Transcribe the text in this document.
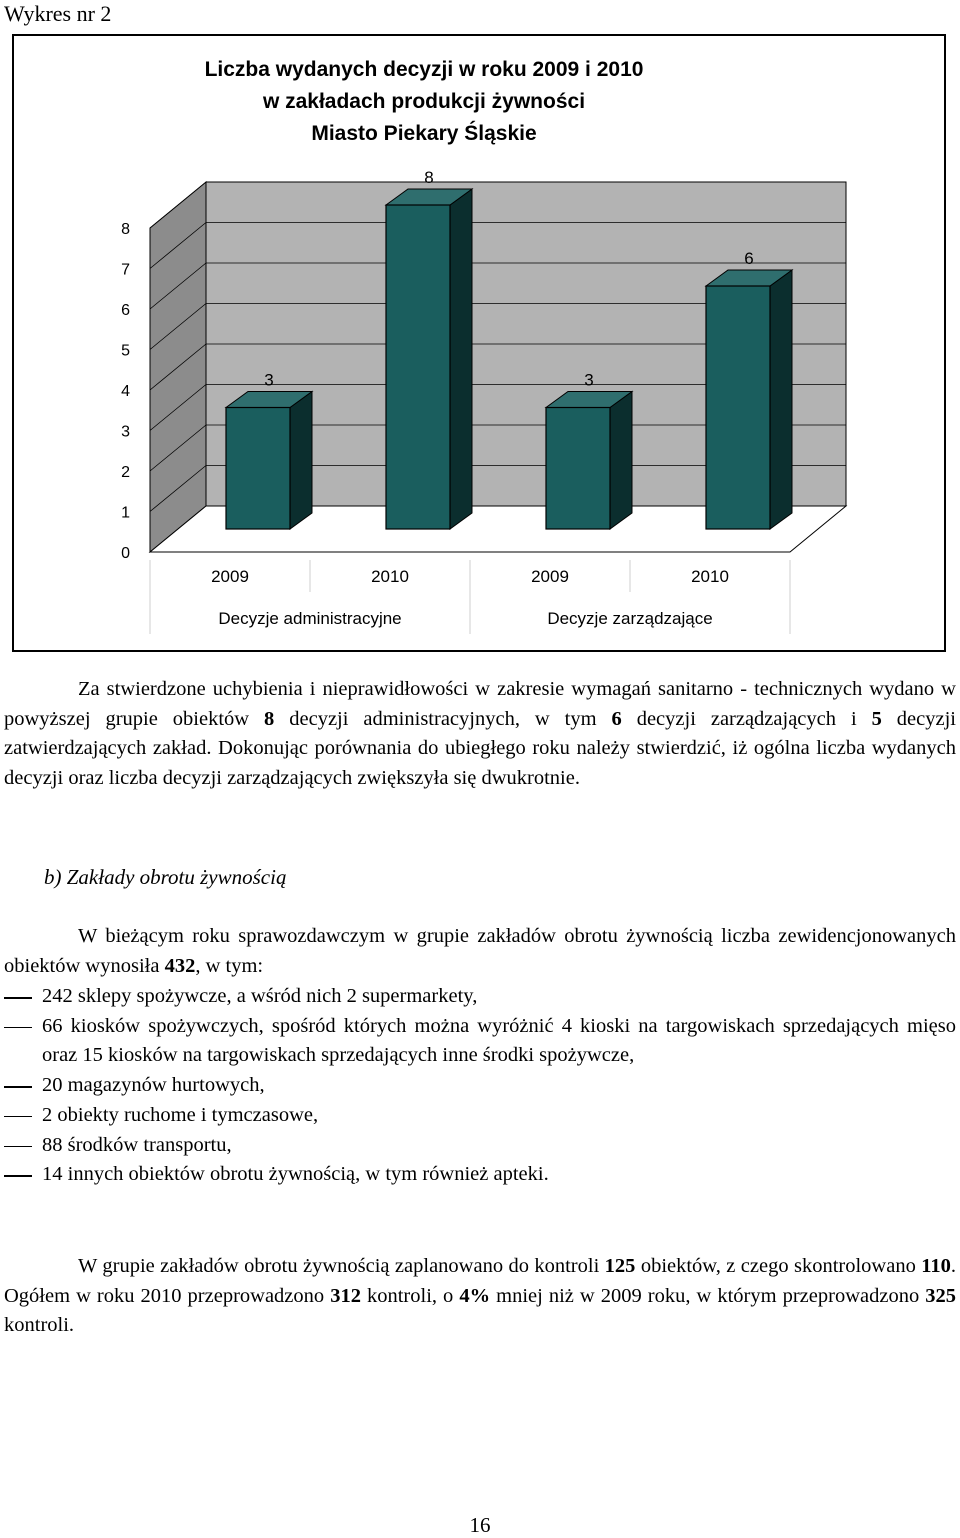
Wykres nr 2
Liczba wydanych decyzji w roku 2009 i 2010
w zakładach produkcji żywności
Miasto Piekary Śląskie
0
1
2
3
4
5
6
7
8
3
8
3
6
2009	2010	2009	2010
Decyzje administracyjne	Decyzje zarządzające

Za stwierdzone uchybienia i nieprawidłowości w zakresie wymagań sanitarno - technicznych wydano w powyższej grupie obiektów 8 decyzji administracyjnych, w tym 6 decyzji zarządzających i 5 decyzji zatwierdzających zakład. Dokonując porównania do ubiegłego roku należy stwierdzić, iż ogólna liczba wydanych decyzji oraz liczba decyzji zarządzających zwiększyła się dwukrotnie.

b) Zakłady obrotu żywnością

W bieżącym roku sprawozdawczym w grupie zakładów obrotu żywnością liczba zewidencjonowanych obiektów wynosiła 432, w tym:

242 sklepy spożywcze, a wśród nich 2 supermarkety,
66 kiosków spożywczych, spośród których można wyróżnić 4 kioski na targowiskach sprzedających mięso oraz 15 kiosków na targowiskach sprzedających inne środki spożywcze,
20 magazynów hurtowych,
2 obiekty ruchome i tymczasowe,
88 środków transportu,
14 innych obiektów obrotu żywnością, w tym również apteki.

W grupie zakładów obrotu żywnością zaplanowano do kontroli 125 obiektów, z czego skontrolowano 110. Ogółem w roku 2010 przeprowadzono 312 kontroli, o 4% mniej niż w 2009 roku, w którym przeprowadzono 325 kontroli.

16
